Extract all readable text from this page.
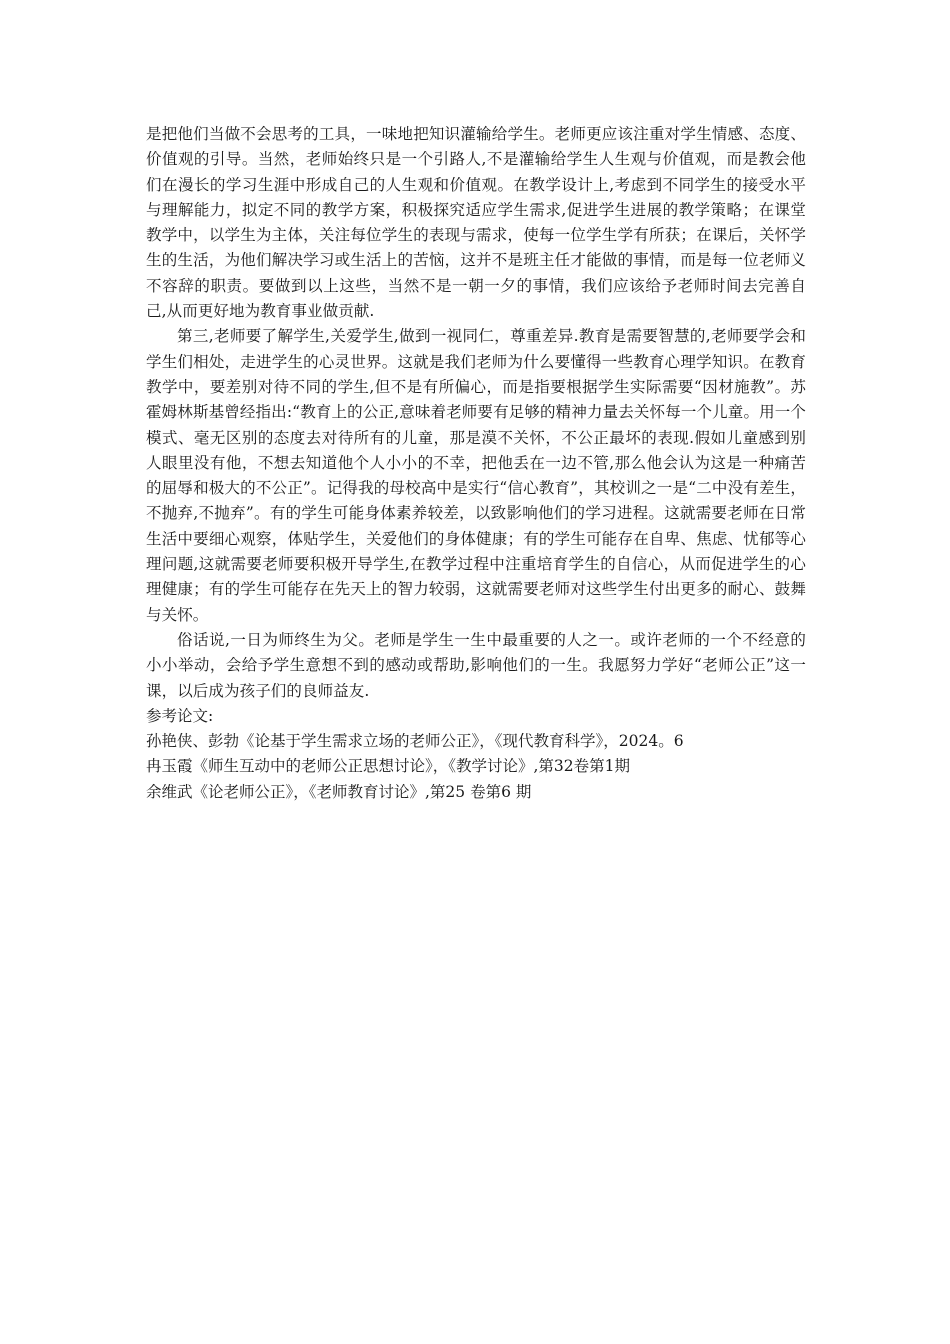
是把他们当做不会思考的工具，一味地把知识灌输给学生。老师更应该注重对学生情感、态度、价值观的引导。当然，老师始终只是一个引路人,不是灌输给学生人生观与价值观，而是教会他们在漫长的学习生涯中形成自己的人生观和价值观。在教学设计上,考虑到不同学生的接受水平与理解能力，拟定不同的教学方案，积极探究适应学生需求,促进学生进展的教学策略；在课堂教学中，以学生为主体，关注每位学生的表现与需求，使每一位学生学有所获；在课后，关怀学生的生活，为他们解决学习或生活上的苦恼，这并不是班主任才能做的事情，而是每一位老师义不容辞的职责。要做到以上这些，当然不是一朝一夕的事情，我们应该给予老师时间去完善自己,从而更好地为教育事业做贡献.

第三,老师要了解学生,关爱学生,做到一视同仁，尊重差异.教育是需要智慧的,老师要学会和学生们相处，走进学生的心灵世界。这就是我们老师为什么要懂得一些教育心理学知识。在教育教学中，要差别对待不同的学生,但不是有所偏心，而是指要根据学生实际需要“因材施教”。苏霍姆林斯基曾经指出:“教育上的公正,意味着老师要有足够的精神力量去关怀每一个儿童。用一个模式、毫无区别的态度去对待所有的儿童，那是漠不关怀，不公正最坏的表现.假如儿童感到别人眼里没有他，不想去知道他个人小小的不幸，把他丢在一边不管,那么他会认为这是一种痛苦的屈辱和极大的不公正”。记得我的母校高中是实行“信心教育”，其校训之一是“二中没有差生，不抛弃,不抛弃”。有的学生可能身体素养较差，以致影响他们的学习进程。这就需要老师在日常生活中要细心观察，体贴学生，关爱他们的身体健康；有的学生可能存在自卑、焦虑、忧郁等心理问题,这就需要老师要积极开导学生,在教学过程中注重培育学生的自信心，从而促进学生的心理健康；有的学生可能存在先天上的智力较弱，这就需要老师对这些学生付出更多的耐心、鼓舞与关怀。

俗话说,一日为师终生为父。老师是学生一生中最重要的人之一。或许老师的一个不经意的小小举动，会给予学生意想不到的感动或帮助,影响他们的一生。我愿努力学好“老师公正”这一课，以后成为孩子们的良师益友.

参考论文:

孙艳侠、彭勃《论基于学生需求立场的老师公正》，《现代教育科学》，2024。6

冉玉霞《师生互动中的老师公正思想讨论》，《教学讨论》,第32卷第1期

余维武《论老师公正》，《老师教育讨论》,第25 卷第6 期
